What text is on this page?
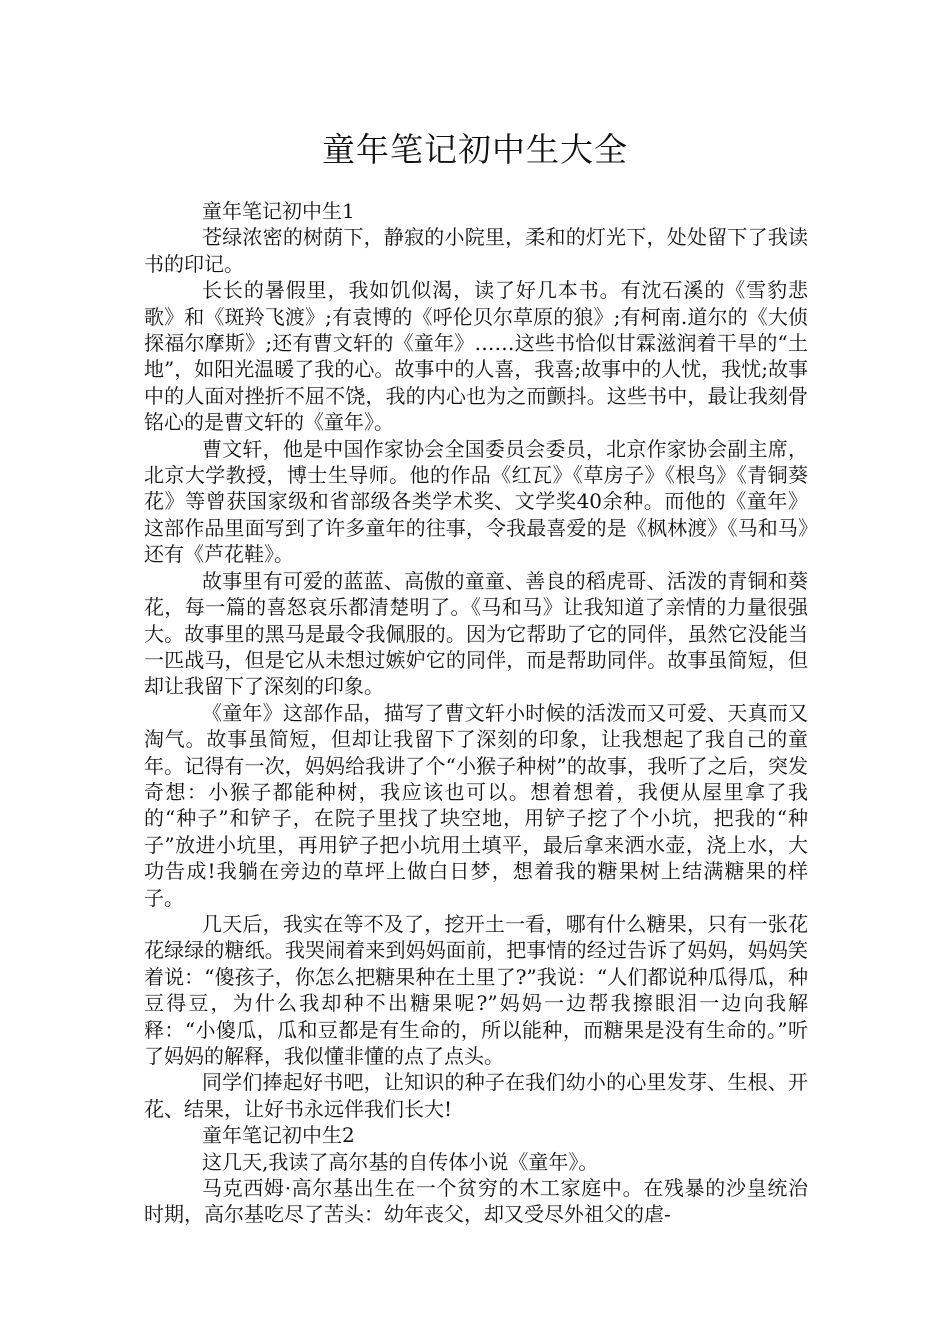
童年笔记初中生大全

童年笔记初中生1

苍绿浓密的树荫下，静寂的小院里，柔和的灯光下，处处留下了我读书的印记。

长长的暑假里，我如饥似渴，读了好几本书。有沈石溪的《雪豹悲歌》和《斑羚飞渡》;有袁博的《呼伦贝尔草原的狼》;有柯南.道尔的《大侦探福尔摩斯》;还有曹文轩的《童年》……这些书恰似甘霖滋润着干旱的“土地”，如阳光温暖了我的心。故事中的人喜，我喜;故事中的人忧，我忧;故事中的人面对挫折不屈不饶，我的内心也为之而颤抖。这些书中，最让我刻骨铭心的是曹文轩的《童年》。

曹文轩，他是中国作家协会全国委员会委员，北京作家协会副主席，北京大学教授，博士生导师。他的作品《红瓦》《草房子》《根鸟》《青铜葵花》等曾获国家级和省部级各类学术奖、文学奖40余种。而他的《童年》这部作品里面写到了许多童年的往事，令我最喜爱的是《枫林渡》《马和马》还有《芦花鞋》。

故事里有可爱的蓝蓝、高傲的童童、善良的稻虎哥、活泼的青铜和葵花，每一篇的喜怒哀乐都清楚明了。《马和马》让我知道了亲情的力量很强大。故事里的黑马是最令我佩服的。因为它帮助了它的同伴，虽然它没能当一匹战马，但是它从未想过嫉妒它的同伴，而是帮助同伴。故事虽简短，但却让我留下了深刻的印象。

《童年》这部作品，描写了曹文轩小时候的活泼而又可爱、天真而又淘气。故事虽简短，但却让我留下了深刻的印象，让我想起了我自己的童年。记得有一次，妈妈给我讲了个“小猴子种树”的故事，我听了之后，突发奇想：小猴子都能种树，我应该也可以。想着想着，我便从屋里拿了我的“种子”和铲子，在院子里找了块空地，用铲子挖了个小坑，把我的“种子”放进小坑里，再用铲子把小坑用土填平，最后拿来洒水壶，浇上水，大功告成!我躺在旁边的草坪上做白日梦，想着我的糖果树上结满糖果的样子。

几天后，我实在等不及了，挖开土一看，哪有什么糖果，只有一张花花绿绿的糖纸。我哭闹着来到妈妈面前，把事情的经过告诉了妈妈，妈妈笑着说：“傻孩子，你怎么把糖果种在土里了?”我说：“人们都说种瓜得瓜，种豆得豆，为什么我却种不出糖果呢?”妈妈一边帮我擦眼泪一边向我解释：“小傻瓜，瓜和豆都是有生命的，所以能种，而糖果是没有生命的。”听了妈妈的解释，我似懂非懂的点了点头。

同学们捧起好书吧，让知识的种子在我们幼小的心里发芽、生根、开花、结果，让好书永远伴我们长大!

童年笔记初中生2

这几天,我读了高尔基的自传体小说《童年》。

马克西姆·高尔基出生在一个贫穷的木工家庭中。在残暴的沙皇统治时期，高尔基吃尽了苦头：幼年丧父，却又受尽外祖父的虐-
